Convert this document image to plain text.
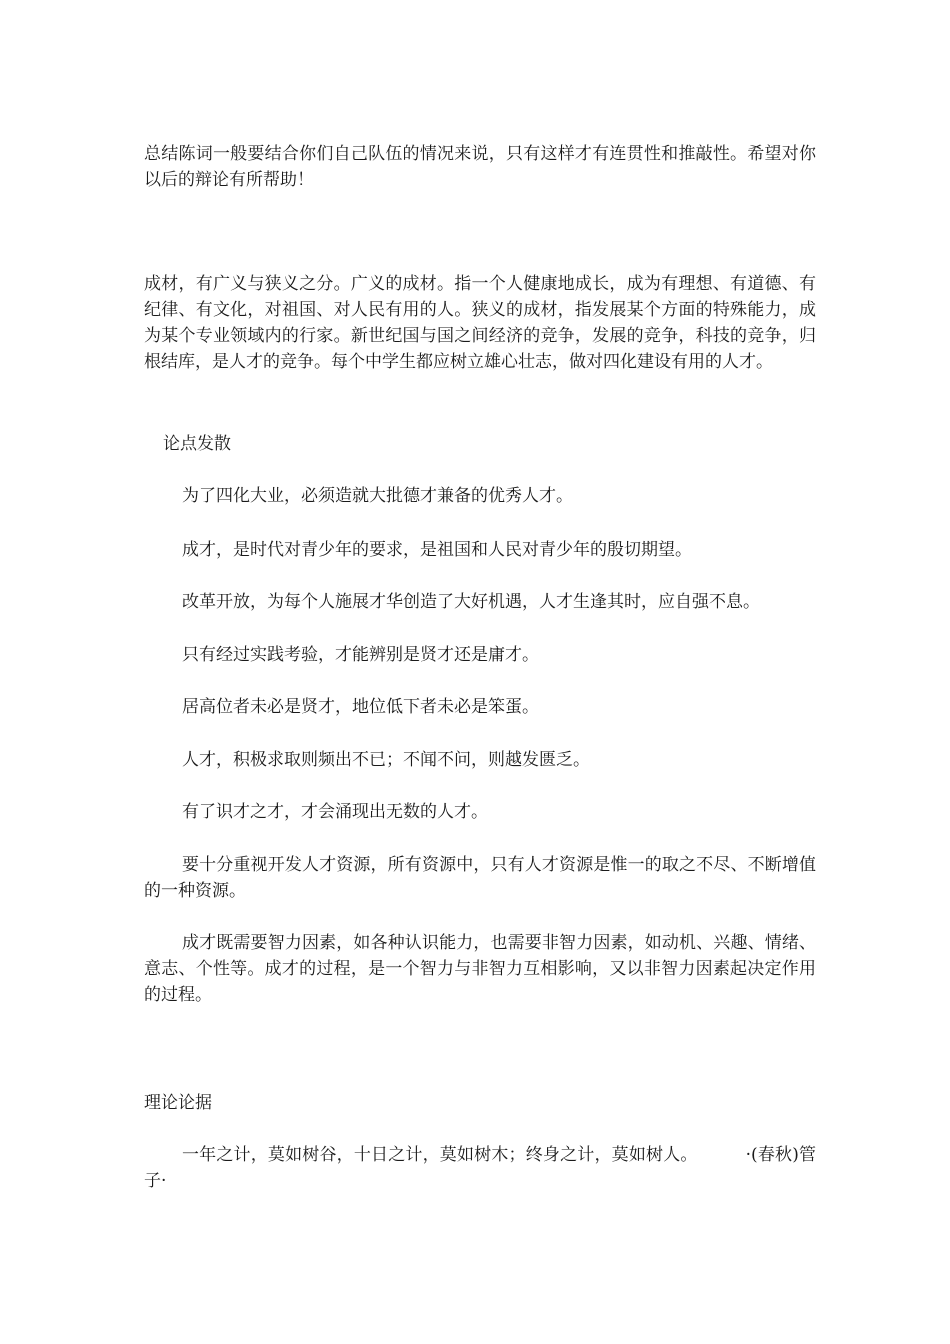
总结陈词一般要结合你们自己队伍的情况来说，只有这样才有连贯性和推敲性。希望对你以后的辩论有所帮助！

成材，有广义与狭义之分。广义的成材。指一个人健康地成长，成为有理想、有道德、有纪律、有文化，对祖国、对人民有用的人。狭义的成材，指发展某个方面的特殊能力，成为某个专业领域内的行家。新世纪国与国之间经济的竞争，发展的竞争，科技的竞争，归根结库，是人才的竞争。每个中学生都应树立雄心壮志，做对四化建设有用的人才。

论点发散

为了四化大业，必须造就大批德才兼备的优秀人才。

成才，是时代对青少年的要求，是祖国和人民对青少年的殷切期望。

改革开放，为每个人施展才华创造了大好机遇，人才生逢其时，应自强不息。

只有经过实践考验，才能辨别是贤才还是庸才。

居高位者未必是贤才，地位低下者未必是笨蛋。

人才，积极求取则频出不已；不闻不问，则越发匮乏。

有了识才之才，才会涌现出无数的人才。

要十分重视开发人才资源，所有资源中，只有人才资源是惟一的取之不尽、不断增值的一种资源。

成才既需要智力因素，如各种认识能力，也需要非智力因素，如动机、兴趣、情绪、意志、个性等。成才的过程，是一个智力与非智力互相影响，又以非智力因素起决定作用的过程。

理论论据

一年之计，莫如树谷，十日之计，莫如树木；终身之计，莫如树人。	·(春秋)管　子·
